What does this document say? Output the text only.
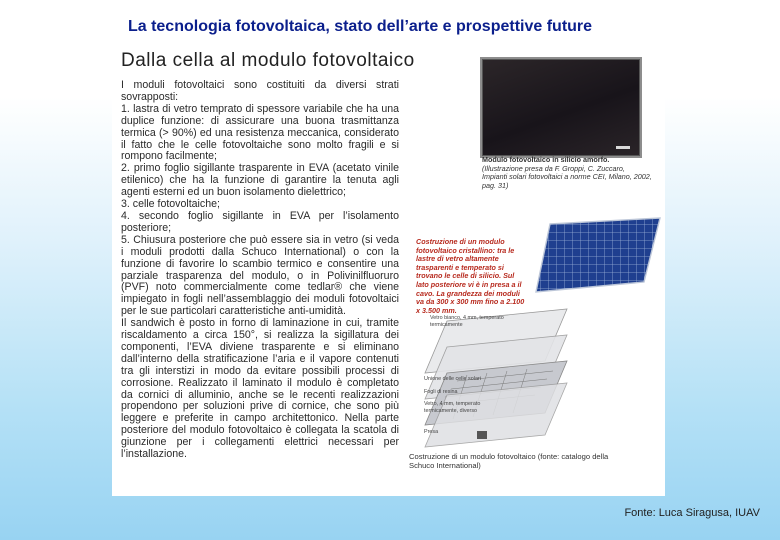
La tecnologia fotovoltaica, stato dell’arte e prospettive future
Dalla cella al modulo fotovoltaico

I moduli fotovoltaici sono costituiti da diversi strati sovrapposti:

1. lastra di vetro temprato di spessore variabile che ha una duplice funzione: di assicurare una buona trasmittanza termica (> 90%) ed una resistenza meccanica, considerato il fatto che le celle fotovoltaiche sono molto fragili e si rompono facilmente;

2. primo foglio sigillante trasparente in EVA (acetato vinile etilenico) che ha la funzione di garantire la tenuta agli agenti esterni ed un buon isolamento dielettrico;

3. celle fotovoltaiche;

4. secondo foglio sigillante in EVA per l’isolamento posteriore;

5. Chiusura posteriore che può essere sia in vetro (si veda i moduli prodotti dalla Schuco International) o con la funzione di favorire lo scambio termico e consentire una parziale trasparenza del modulo, o in Polivinilfluoruro (PVF) noto commercialmente come tedlar® che viene impiegato in fogli nell’assemblaggio dei moduli fotovoltaici per le sue particolari caratteristiche anti-umidità.

Il sandwich è posto in forno di laminazione in cui, tramite riscaldamento a circa 150°, si realizza la sigillatura dei componenti, l’EVA diviene trasparente e si eliminano dall’interno della stratificazione l’aria e il vapore contenuti tra gli interstizi in modo da evitare possibili processi di corrosione. Realizzato il laminato il modulo è completato da cornici di alluminio, anche se le recenti realizzazioni propendono per soluzioni prive di cornice, che sono più leggere e preferite in campo architettonico. Nella parte posteriore del modulo fotovoltaico è collegata la scatola di giunzione per i collegamenti elettrici necessari per l’installazione.

Modulo fotovoltaico in silicio amorfo.
(Illustrazione presa da F. Groppi, C. Zuccaro, Impianti solari fotovoltaici a norme CEI, Milano, 2002, pag. 31)
Costruzione di un modulo fotovoltaico cristallino: tra le lastre di vetro altamente trasparenti e temperato si trovano le celle di silicio. Sul lato posteriore vi è in presa a il cavo. La grandezza dei moduli va da 300 x 300 mm fino a 2.100 x 3.500 mm.
Vetro bianco, 4 mm, temperato termicamente
Unione delle celle solari
Fogli di resina
Vetro, 4 mm, temperato termicamente, diverso
Presa
Costruzione di un modulo fotovoltaico (fonte: catalogo della Schuco International)
Fonte: Luca Siragusa, IUAV
